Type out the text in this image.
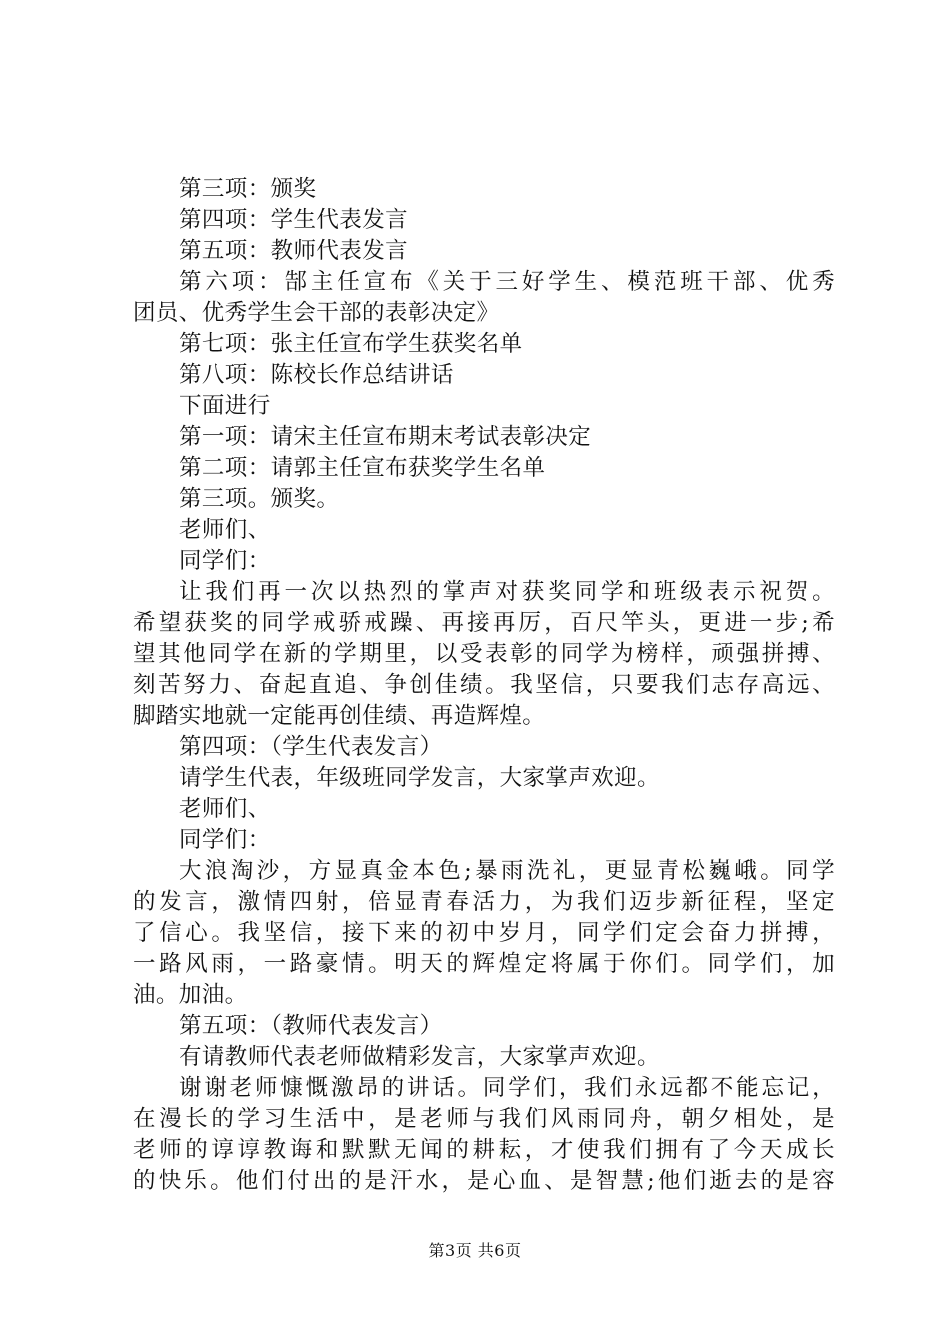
第三项：颁奖
第四项：学生代表发言
第五项：教师代表发言
第六项：郜主任宣布《关于三好学生、模范班干部、优秀
团员、优秀学生会干部的表彰决定》
第七项：张主任宣布学生获奖名单
第八项：陈校长作总结讲话
下面进行
第一项：请宋主任宣布期末考试表彰决定
第二项：请郭主任宣布获奖学生名单
第三项。颁奖。
老师们、
同学们：
让我们再一次以热烈的掌声对获奖同学和班级表示祝贺。
希望获奖的同学戒骄戒躁、再接再厉，百尺竿头，更进一步;希
望其他同学在新的学期里，以受表彰的同学为榜样，顽强拼搏、
刻苦努力、奋起直追、争创佳绩。我坚信，只要我们志存高远、
脚踏实地就一定能再创佳绩、再造辉煌。
第四项：（学生代表发言）
请学生代表，年级班同学发言，大家掌声欢迎。
老师们、
同学们：
大浪淘沙，方显真金本色;暴雨洗礼，更显青松巍峨。同学
的发言，激情四射，倍显青春活力，为我们迈步新征程，坚定
了信心。我坚信，接下来的初中岁月，同学们定会奋力拼搏，
一路风雨，一路豪情。明天的辉煌定将属于你们。同学们，加
油。加油。
第五项：（教师代表发言）
有请教师代表老师做精彩发言，大家掌声欢迎。
谢谢老师慷慨激昂的讲话。同学们，我们永远都不能忘记，
在漫长的学习生活中，是老师与我们风雨同舟，朝夕相处，是
老师的谆谆教诲和默默无闻的耕耘，才使我们拥有了今天成长
的快乐。他们付出的是汗水，是心血、是智慧;他们逝去的是容
第3页 共6页
